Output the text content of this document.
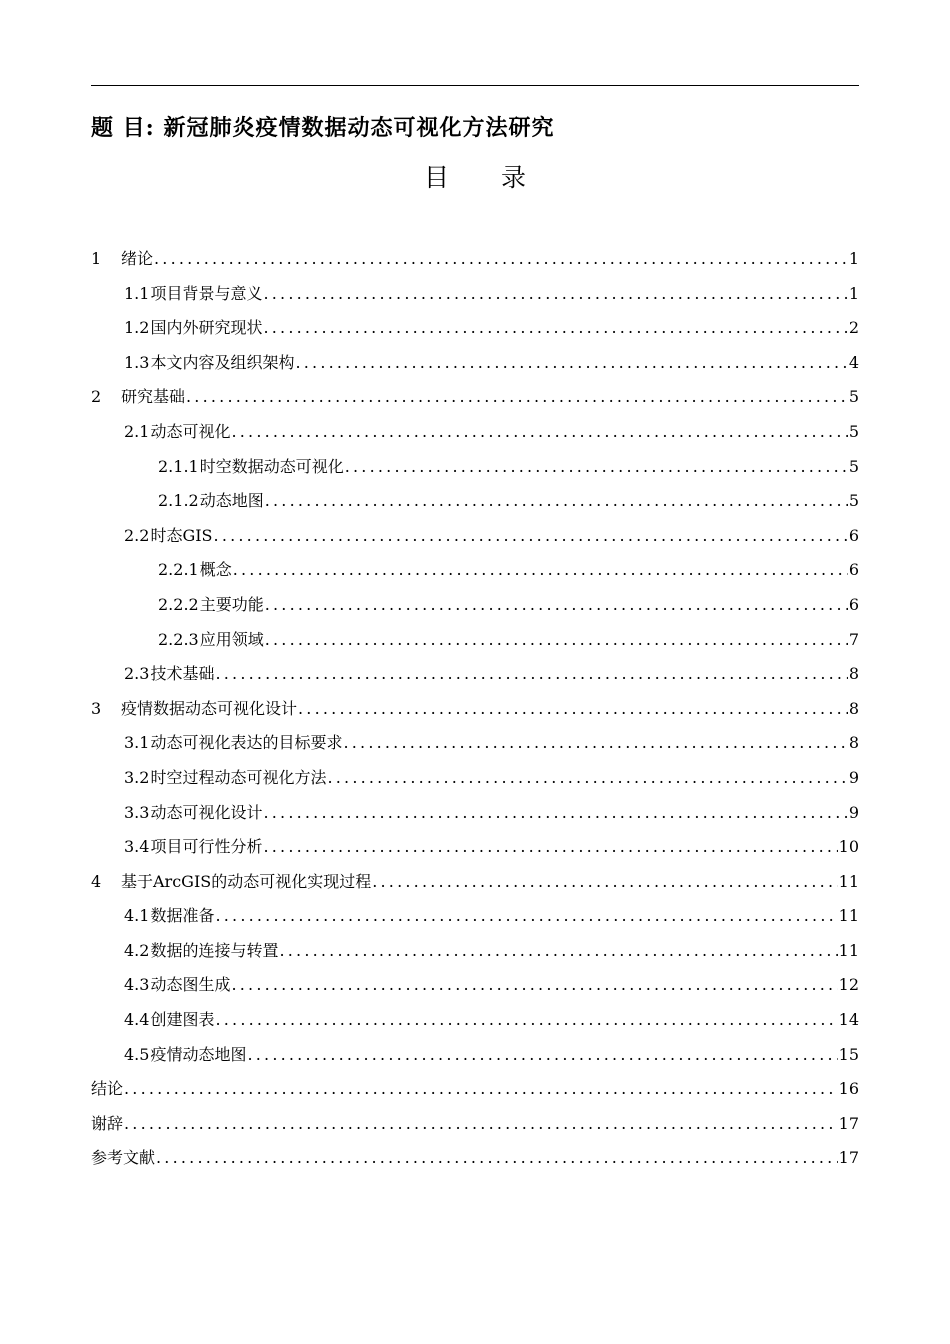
题 目: 新冠肺炎疫情数据动态可视化方法研究
目 录
1	绪论 .....	1
1.1 项目背景与意义 .....	1
1.2 国内外研究现状 .....	2
1.3 本文内容及组织架构 .....	4
2	研究基础 .....	5
2.1 动态可视化 .....	5
2.1.1 时空数据动态可视化 .....	5
2.1.2 动态地图 .....	5
2.2 时态GIS .....	6
2.2.1 概念 .....	6
2.2.2 主要功能 .....	6
2.2.3 应用领域 .....	7
2.3 技术基础 .....	8
3	疫情数据动态可视化设计 .....	8
3.1 动态可视化表达的目标要求 .....	8
3.2 时空过程动态可视化方法 .....	9
3.3 动态可视化设计 .....	9
3.4 项目可行性分析 .....	10
4	基于ArcGIS的动态可视化实现过程 .....	11
4.1 数据准备 .....	11
4.2 数据的连接与转置 .....	11
4.3 动态图生成 .....	12
4.4 创建图表 .....	14
4.5 疫情动态地图 .....	15
结论 .....	16
谢辞 .....	17
参考文献 .....	17
